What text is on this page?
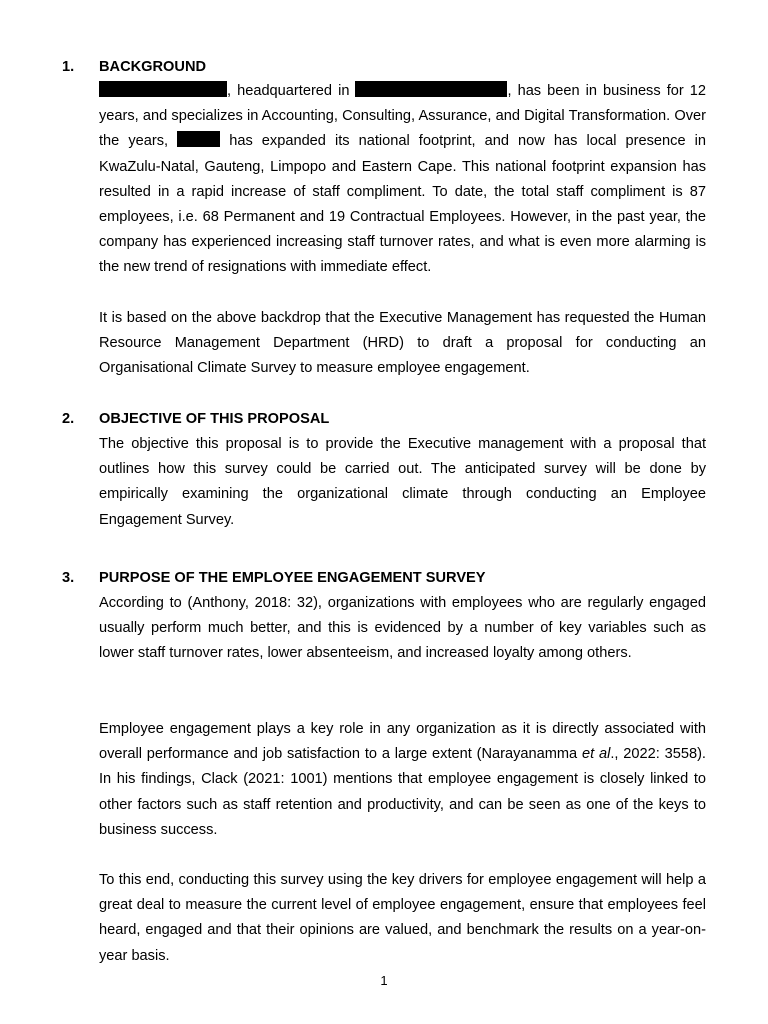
1. BACKGROUND

, headquartered in	, has been in business for 12 years, and specializes in Accounting, Consulting, Assurance, and Digital Transformation. Over the years,	has expanded its national footprint, and now has local presence in KwaZulu-Natal, Gauteng, Limpopo and Eastern Cape. This national footprint expansion has resulted in a rapid increase of staff compliment. To date, the total staff compliment is 87 employees, i.e. 68 Permanent and 19 Contractual Employees. However, in the past year, the company has experienced increasing staff turnover rates, and what is even more alarming is the new trend of resignations with immediate effect.

It is based on the above backdrop that the Executive Management has requested the Human Resource Management Department (HRD) to draft a proposal for conducting an Organisational Climate Survey to measure employee engagement.

2. OBJECTIVE OF THIS PROPOSAL

The objective this proposal is to provide the Executive management with a proposal that outlines how this survey could be carried out. The anticipated survey will be done by empirically examining the organizational climate through conducting an Employee Engagement Survey.

3. PURPOSE OF THE EMPLOYEE ENGAGEMENT SURVEY

According to (Anthony, 2018: 32), organizations with employees who are regularly engaged usually perform much better, and this is evidenced by a number of key variables such as lower staff turnover rates, lower absenteeism, and increased loyalty among others.

Employee engagement plays a key role in any organization as it is directly associated with overall performance and job satisfaction to a large extent (Narayanamma et al., 2022: 3558). In his findings, Clack (2021: 1001) mentions that employee engagement is closely linked to other factors such as staff retention and productivity, and can be seen as one of the keys to business success.

To this end, conducting this survey using the key drivers for employee engagement will help a great deal to measure the current level of employee engagement, ensure that employees feel heard, engaged and that their opinions are valued, and benchmark the results on a year-on-year basis.

1
